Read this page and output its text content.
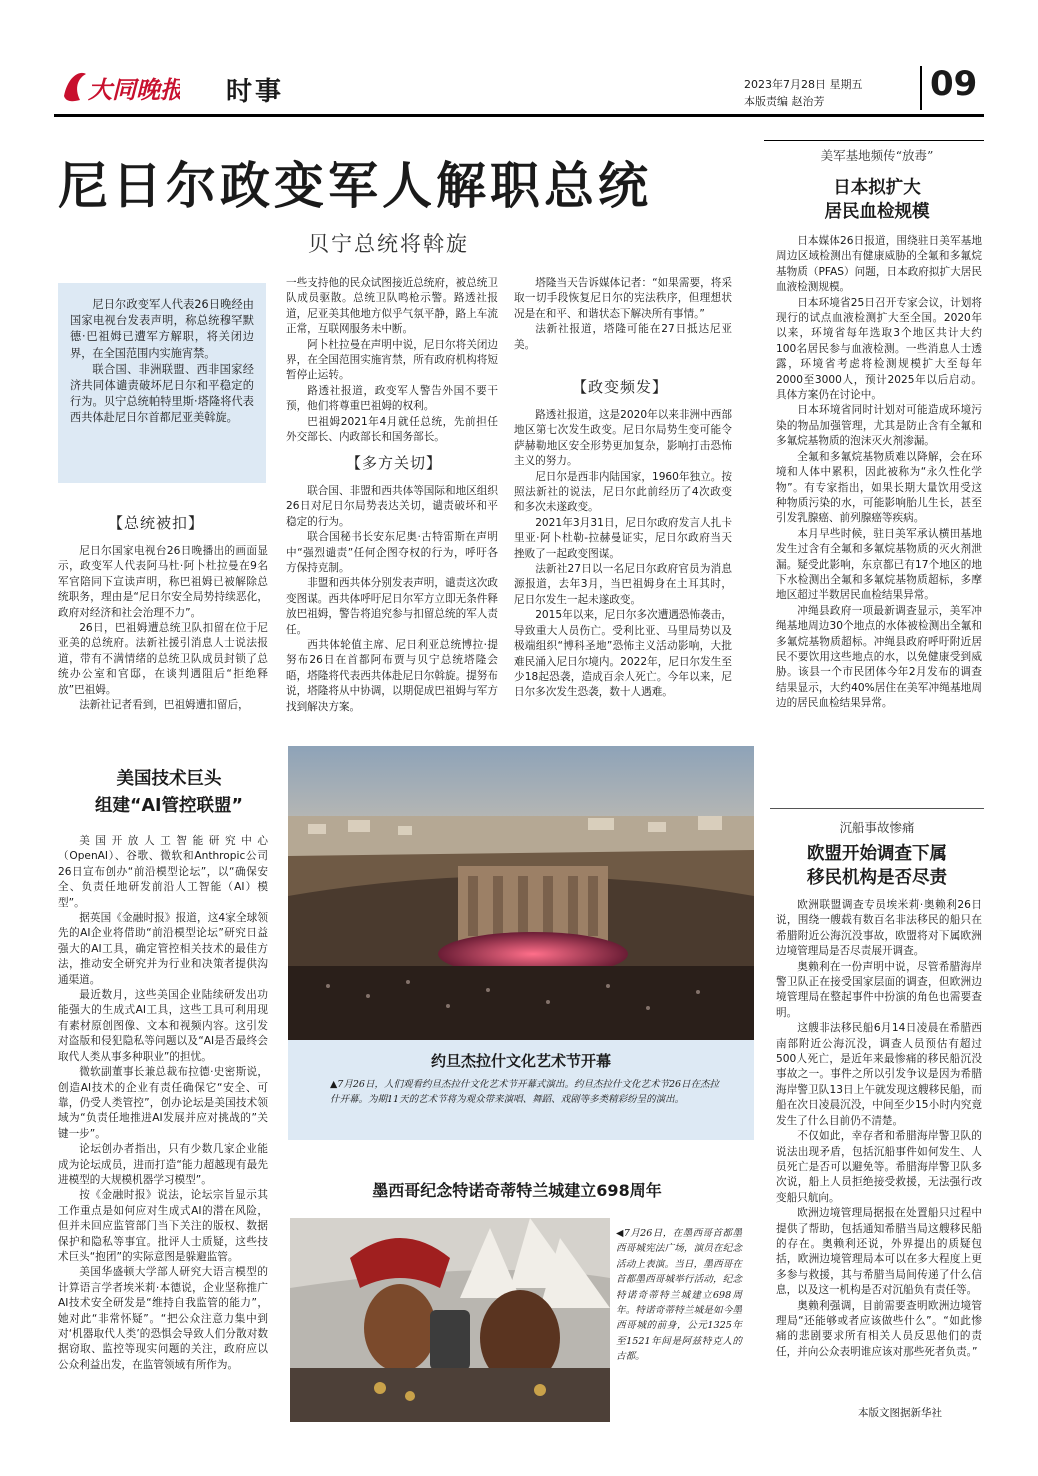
大同晚报 时事	2023年7月28日 星期五
本版责编 赵治芳	09
尼日尔政变军人解职总统
贝宁总统将斡旋

尼日尔政变军人代表26日晚经由国家电视台发表声明，称总统穆罕默德·巴祖姆已遭军方解职，将关闭边界，在全国范围内实施宵禁。

联合国、非洲联盟、西非国家经济共同体谴责破坏尼日尔和平稳定的行为。贝宁总统帕特里斯·塔隆将代表西共体赴尼日尔首都尼亚美斡旋。

【总统被扣】

尼日尔国家电视台26日晚播出的画面显示，政变军人代表阿马杜·阿卜杜拉曼在9名军官陪同下宣读声明，称巴祖姆已被解除总统职务，理由是“尼日尔安全局势持续恶化，政府对经济和社会治理不力”。

26日，巴祖姆遭总统卫队扣留在位于尼亚美的总统府。法新社援引消息人士说法报道，带有不满情绪的总统卫队成员封锁了总统办公室和官邸，在谈判遇阻后“拒绝释放”巴祖姆。

法新社记者看到，巴祖姆遭扣留后，

一些支持他的民众试图接近总统府，被总统卫队成员驱散。总统卫队鸣枪示警。路透社报道，尼亚美其他地方似乎气氛平静，路上车流正常，互联网服务未中断。

阿卜杜拉曼在声明中说，尼日尔将关闭边界，在全国范围实施宵禁，所有政府机构将短暂停止运转。

路透社报道，政变军人警告外国不要干预，他们将尊重巴祖姆的权利。

巴祖姆2021年4月就任总统，先前担任外交部长、内政部长和国务部长。

【多方关切】

联合国、非盟和西共体等国际和地区组织26日对尼日尔局势表达关切，谴责破坏和平稳定的行为。

联合国秘书长安东尼奥·古特雷斯在声明中“强烈谴责”任何企图夺权的行为，呼吁各方保持克制。

非盟和西共体分别发表声明，谴责这次政变图谋。西共体呼吁尼日尔军方立即无条件释放巴祖姆，警告将追究参与扣留总统的军人责任。

西共体轮值主席、尼日利亚总统博拉·提努布26日在首都阿布贾与贝宁总统塔隆会晤，塔隆将代表西共体赴尼日尔斡旋。提努布说，塔隆将从中协调，以期促成巴祖姆与军方找到解决方案。

塔隆当天告诉媒体记者：“如果需要，将采取一切手段恢复尼日尔的宪法秩序，但理想状况是在和平、和谐状态下解决所有事情。”

法新社报道，塔隆可能在27日抵达尼亚美。

【政变频发】

路透社报道，这是2020年以来非洲中西部地区第七次发生政变。尼日尔局势生变可能令萨赫勒地区安全形势更加复杂，影响打击恐怖主义的努力。

尼日尔是西非内陆国家，1960年独立。按照法新社的说法，尼日尔此前经历了4次政变和多次未遂政变。

2021年3月31日，尼日尔政府发言人扎卡里亚·阿卜杜勒-拉赫曼证实，尼日尔政府当天挫败了一起政变图谋。

法新社27日以一名尼日尔政府官员为消息源报道，去年3月，当巴祖姆身在土耳其时，尼日尔发生一起未遂政变。

2015年以来，尼日尔多次遭遇恐怖袭击，导致重大人员伤亡。受利比亚、马里局势以及极端组织“博科圣地”恐怖主义活动影响，大批难民涌入尼日尔境内。2022年，尼日尔发生至少18起恐袭，造成百余人死亡。今年以来，尼日尔多次发生恐袭，数十人遇难。

美国技术巨头
组建“AI管控联盟”

美国开放人工智能研究中心（OpenAI）、谷歌、微软和Anthropic公司26日宣布创办“前沿模型论坛”，以“确保安全、负责任地研发前沿人工智能（AI）模型”。

据英国《金融时报》报道，这4家全球领先的AI企业将借助“前沿模型论坛”研究日益强大的AI工具，确定管控相关技术的最佳方法，推动安全研究并为行业和决策者提供沟通渠道。

最近数月，这些美国企业陆续研发出功能强大的生成式AI工具，这些工具可利用现有素材原创图像、文本和视频内容。这引发对盗版和侵犯隐私等问题以及“AI是否最终会取代人类从事多种职业”的担忧。

微软副董事长兼总裁布拉德·史密斯说，创造AI技术的企业有责任确保它“安全、可靠，仍受人类管控”，创办论坛是美国技术领域为“负责任地推进AI发展并应对挑战的”关键一步”。

论坛创办者指出，只有少数几家企业能成为论坛成员，进而打造“能力超越现有最先进模型的大规模机器学习模型”。

按《金融时报》说法，论坛宗旨显示其工作重点是如何应对生成式AI的潜在风险，但并未回应监管部门当下关注的版权、数据保护和隐私等事宜。批评人士质疑，这些技术巨头“抱团”的实际意图是躲避监管。

美国华盛顿大学部人研究大语言模型的计算语言学者埃米莉·本德说，企业坚称推广AI技术安全研发是“维持自我监管的能力”，她对此“非常怀疑”。“把公众注意力集中到对‘机器取代人类’的恐惧会导致人们分散对数据窃取、监控等现实问题的关注，政府应以公众利益出发，在监管领域有所作为。

约旦杰拉什文化艺术节开幕
▲7月26日，人们观看约旦杰拉什文化艺术节开幕式演出。约旦杰拉什文化艺术节26日在杰拉什开幕。为期11天的艺术节将为观众带来演唱、舞蹈、戏剧等多类精彩纷呈的演出。
墨西哥纪念特诺奇蒂特兰城建立698周年
◀7月26日，在墨西哥首都墨西哥城宪法广场，演员在纪念活动上表演。当日，墨西哥在首都墨西哥城举行活动，纪念特诺奇蒂特兰城建立698周年。特诺奇蒂特兰城是如今墨西哥城的前身，公元1325年至1521年间是阿兹特克人的古都。
美军基地频传“放毒”
日本拟扩大
居民血检规模

日本媒体26日报道，围绕驻日美军基地周边区域检测出有健康威胁的全氟和多氟烷基物质（PFAS）问题，日本政府拟扩大居民血液检测规模。

日本环境省25日召开专家会议，计划将现行的试点血液检测扩大至全国。2020年以来，环境省每年选取3个地区共计大约100名居民参与血液检测。一些消息人士透露，环境省考虑将检测规模扩大至每年2000至3000人，预计2025年以后启动。具体方案仍在讨论中。

日本环境省同时计划对可能造成环境污染的物品加强管理，尤其是防止含有全氟和多氟烷基物质的泡沫灭火剂渗漏。

全氟和多氟烷基物质难以降解，会在环境和人体中累积，因此被称为“永久性化学物”。有专家指出，如果长期大量饮用受这种物质污染的水，可能影响胎儿生长，甚至引发乳腺癌、前列腺癌等疾病。

本月早些时候，驻日美军承认横田基地发生过含有全氟和多氟烷基物质的灭火剂泄漏。疑受此影响，东京都已有17个地区的地下水检测出全氟和多氟烷基物质超标，多摩地区超过半数居民血检结果异常。

冲绳县政府一项最新调查显示，美军冲绳基地周边30个地点的水体被检测出全氟和多氟烷基物质超标。冲绳县政府呼吁附近居民不要饮用这些地点的水，以免健康受到威胁。该县一个市民团体今年2月发布的调查结果显示，大约40%居住在美军冲绳基地周边的居民血检结果异常。

沉船事故惨痛
欧盟开始调查下属
移民机构是否尽责

欧洲联盟调查专员埃米莉·奥赖利26日说，围绕一艘载有数百名非法移民的船只在希腊附近公海沉没事故，欧盟将对下属欧洲边境管理局是否尽责展开调查。

奥赖利在一份声明中说，尽管希腊海岸警卫队正在接受国家层面的调查，但欧洲边境管理局在整起事件中扮演的角色也需要查明。

这艘非法移民船6月14日凌晨在希腊西南部附近公海沉没，调查人员预估有超过500人死亡，是近年来最惨痛的移民船沉没事故之一。事件之所以引发争议是因为希腊海岸警卫队13日上午就发现这艘移民船，而船在次日凌晨沉没，中间至少15小时内究竟发生了什么目前仍不清楚。

不仅如此，幸存者和希腊海岸警卫队的说法出现矛盾，包括沉船事件如何发生、人员死亡是否可以避免等。希腊海岸警卫队多次说，船上人员拒绝接受救援，无法强行改变船只航向。

欧洲边境管理局据报在处置船只过程中提供了帮助，包括通知希腊当局这艘移民船的存在。奥赖利还说，外界提出的质疑包括，欧洲边境管理局本可以在多大程度上更多参与救援，其与希腊当局间传递了什么信息，以及这一机构是否对沉船负有责任等。

奥赖利强调，目前需要查明欧洲边境管理局“还能够或者应该做些什么”。“如此惨痛的悲剧要求所有相关人员反思他们的责任，并向公众表明谁应该对那些死者负责。”

本版文图据新华社
